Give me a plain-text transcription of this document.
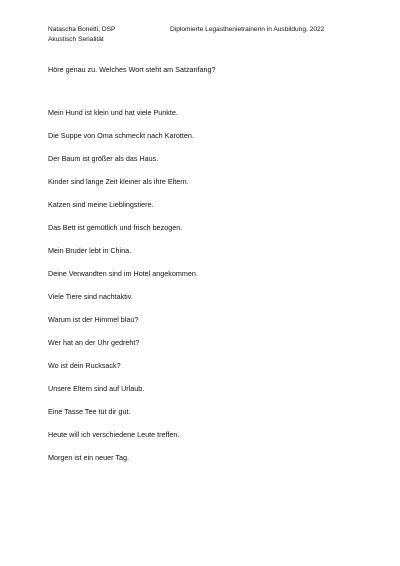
Natascha Bonetti, DSP
Akustisch Serialität
Diplomierte Legasthenietrainerin in Ausbildung, 2022
Höre genau zu. Welches Wort steht am Satzanfang?
Mein Hund ist klein und hat viele Punkte.
Die Suppe von Oma schmeckt nach Karotten.
Der Baum ist größer als das Haus.
Kinder sind lange Zeit kleiner als ihre Eltern.
Katzen sind meine Lieblingstiere.
Das Bett ist gemütlich und frisch bezogen.
Mein Bruder lebt in China.
Deine Verwandten sind im Hotel angekommen.
Viele Tiere sind nachtaktiv.
Warum ist der Himmel blau?
Wer hat an der Uhr gedreht?
Wo ist dein Rucksack?
Unsere Eltern sind auf Urlaub.
Eine Tasse Tee tut dir gut.
Heute will ich verschiedene Leute treffen.
Morgen ist ein neuer Tag.
